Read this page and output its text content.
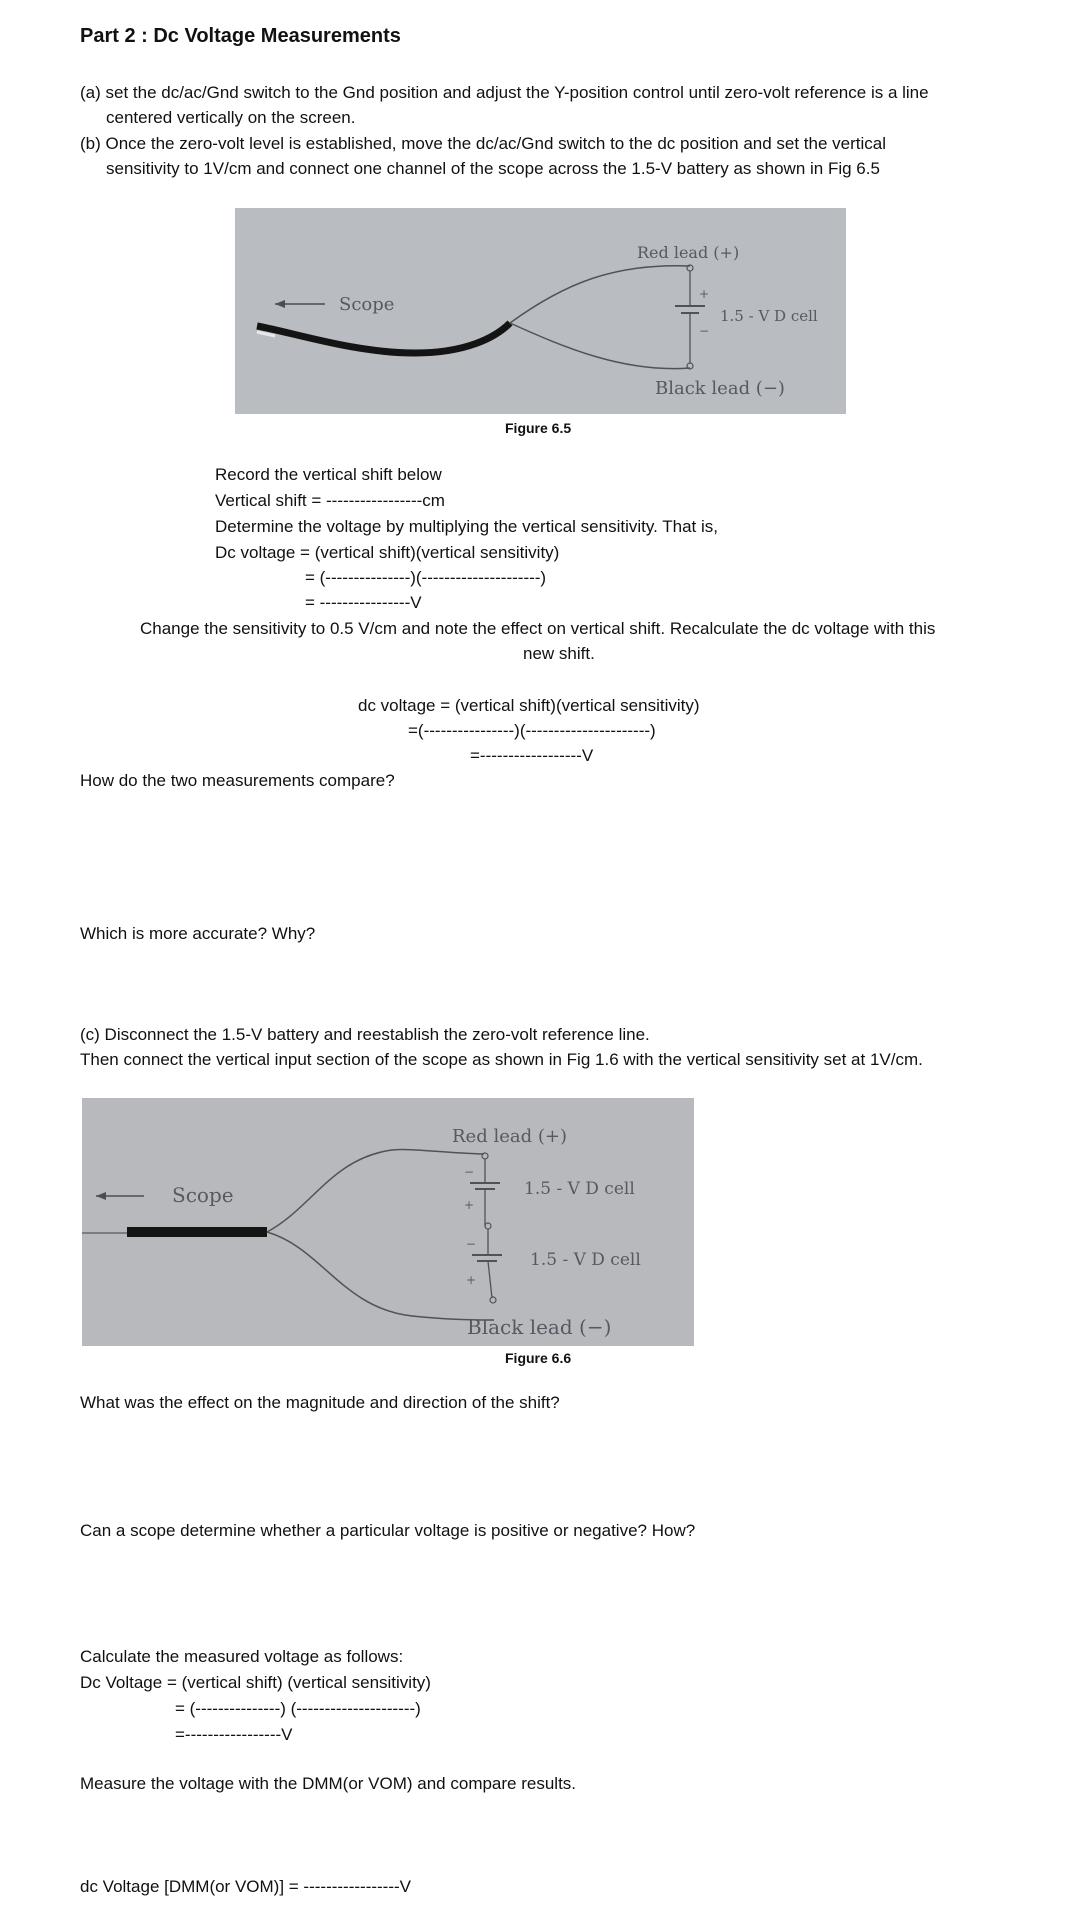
Part 2 : Dc Voltage Measurements
(a) set the dc/ac/Gnd switch to the Gnd position and adjust the Y-position control until zero-volt reference is a line
centered vertically on the screen.
(b) Once the zero-volt level is established, move the dc/ac/Gnd switch to the dc position and set the vertical
sensitivity to 1V/cm and connect one channel of the scope across the 1.5-V battery as shown in Fig 6.5
Scope	+
−
Red lead (+)
1.5 - V D cell
Black lead (−)
Figure 6.5
Record the vertical shift below
Vertical shift = -----------------cm
Determine the voltage by multiplying the vertical sensitivity. That is,
Dc voltage = (vertical shift)(vertical sensitivity)
= (---------------)(---------------------)
= ----------------V
Change the sensitivity to 0.5 V/cm and note the effect on vertical shift. Recalculate the dc voltage with this
new shift.
dc voltage = (vertical shift)(vertical sensitivity)
=(----------------)(----------------------)
=------------------V
How do the two measurements compare?
Which is more accurate? Why?
(c) Disconnect the 1.5-V battery and reestablish the zero-volt reference line.
Then connect the vertical input section of the scope as shown in Fig 1.6 with the vertical sensitivity set at 1V/cm.
Scope
−
+
−
+
Red lead (+)
1.5 - V D cell
1.5 - V D cell
Black lead (−)
Figure 6.6
What was the effect on the magnitude and direction of the shift?
Can a scope determine whether a particular voltage is positive or negative? How?
Calculate the measured voltage as follows:
Dc Voltage = (vertical shift) (vertical sensitivity)
= (---------------) (---------------------)
=-----------------V
Measure the voltage with the DMM(or VOM) and compare results.
dc Voltage [DMM(or VOM)] = -----------------V
